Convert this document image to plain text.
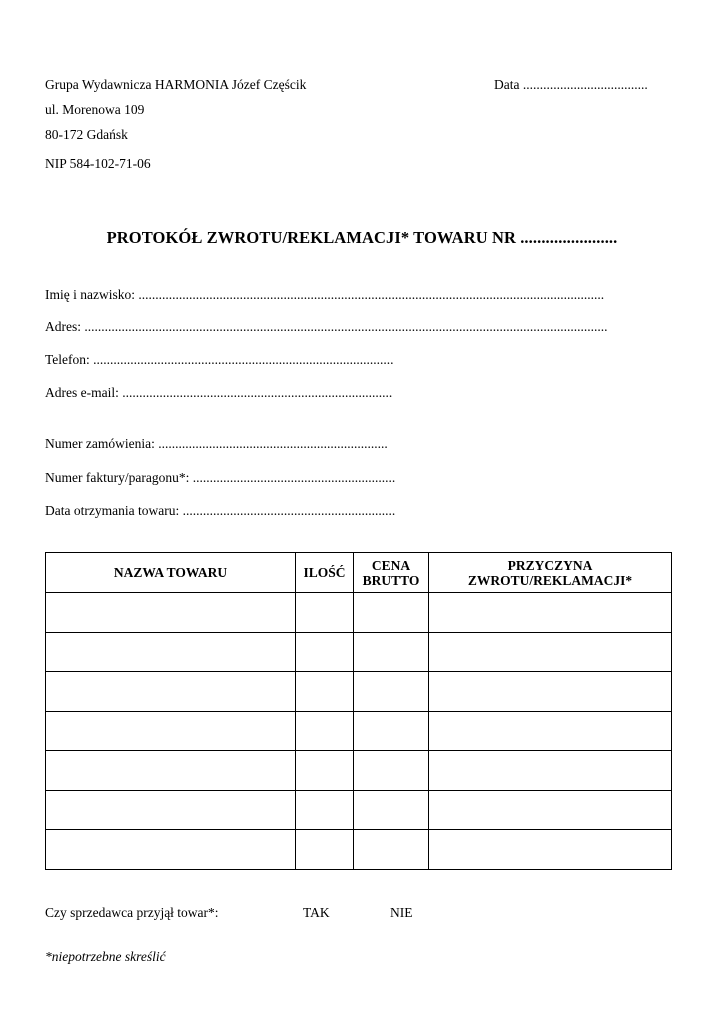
Grupa Wydawnicza HARMONIA Józef Częścik
ul. Morenowa 109
80-172 Gdańsk
NIP 584-102-71-06
Data .....................................
PROTOKÓŁ ZWROTU/REKLAMACJI* TOWARU NR .......................
Imię i nazwisko: ..........................................................................................................................................
Adres: ...........................................................................................................................................................
Telefon: .........................................................................................
Adres e-mail: ................................................................................
Numer zamówienia: ....................................................................
Numer faktury/paragonu*: ............................................................
Data otrzymania towaru: ...............................................................
NAZWA TOWARU	ILOŚĆ	CENA BRUTTO	PRZYCZYNA ZWROTU/REKLAMACJI*

Czy sprzedawca przyjął towar*:	TAK	NIE
*niepotrzebne skreślić
